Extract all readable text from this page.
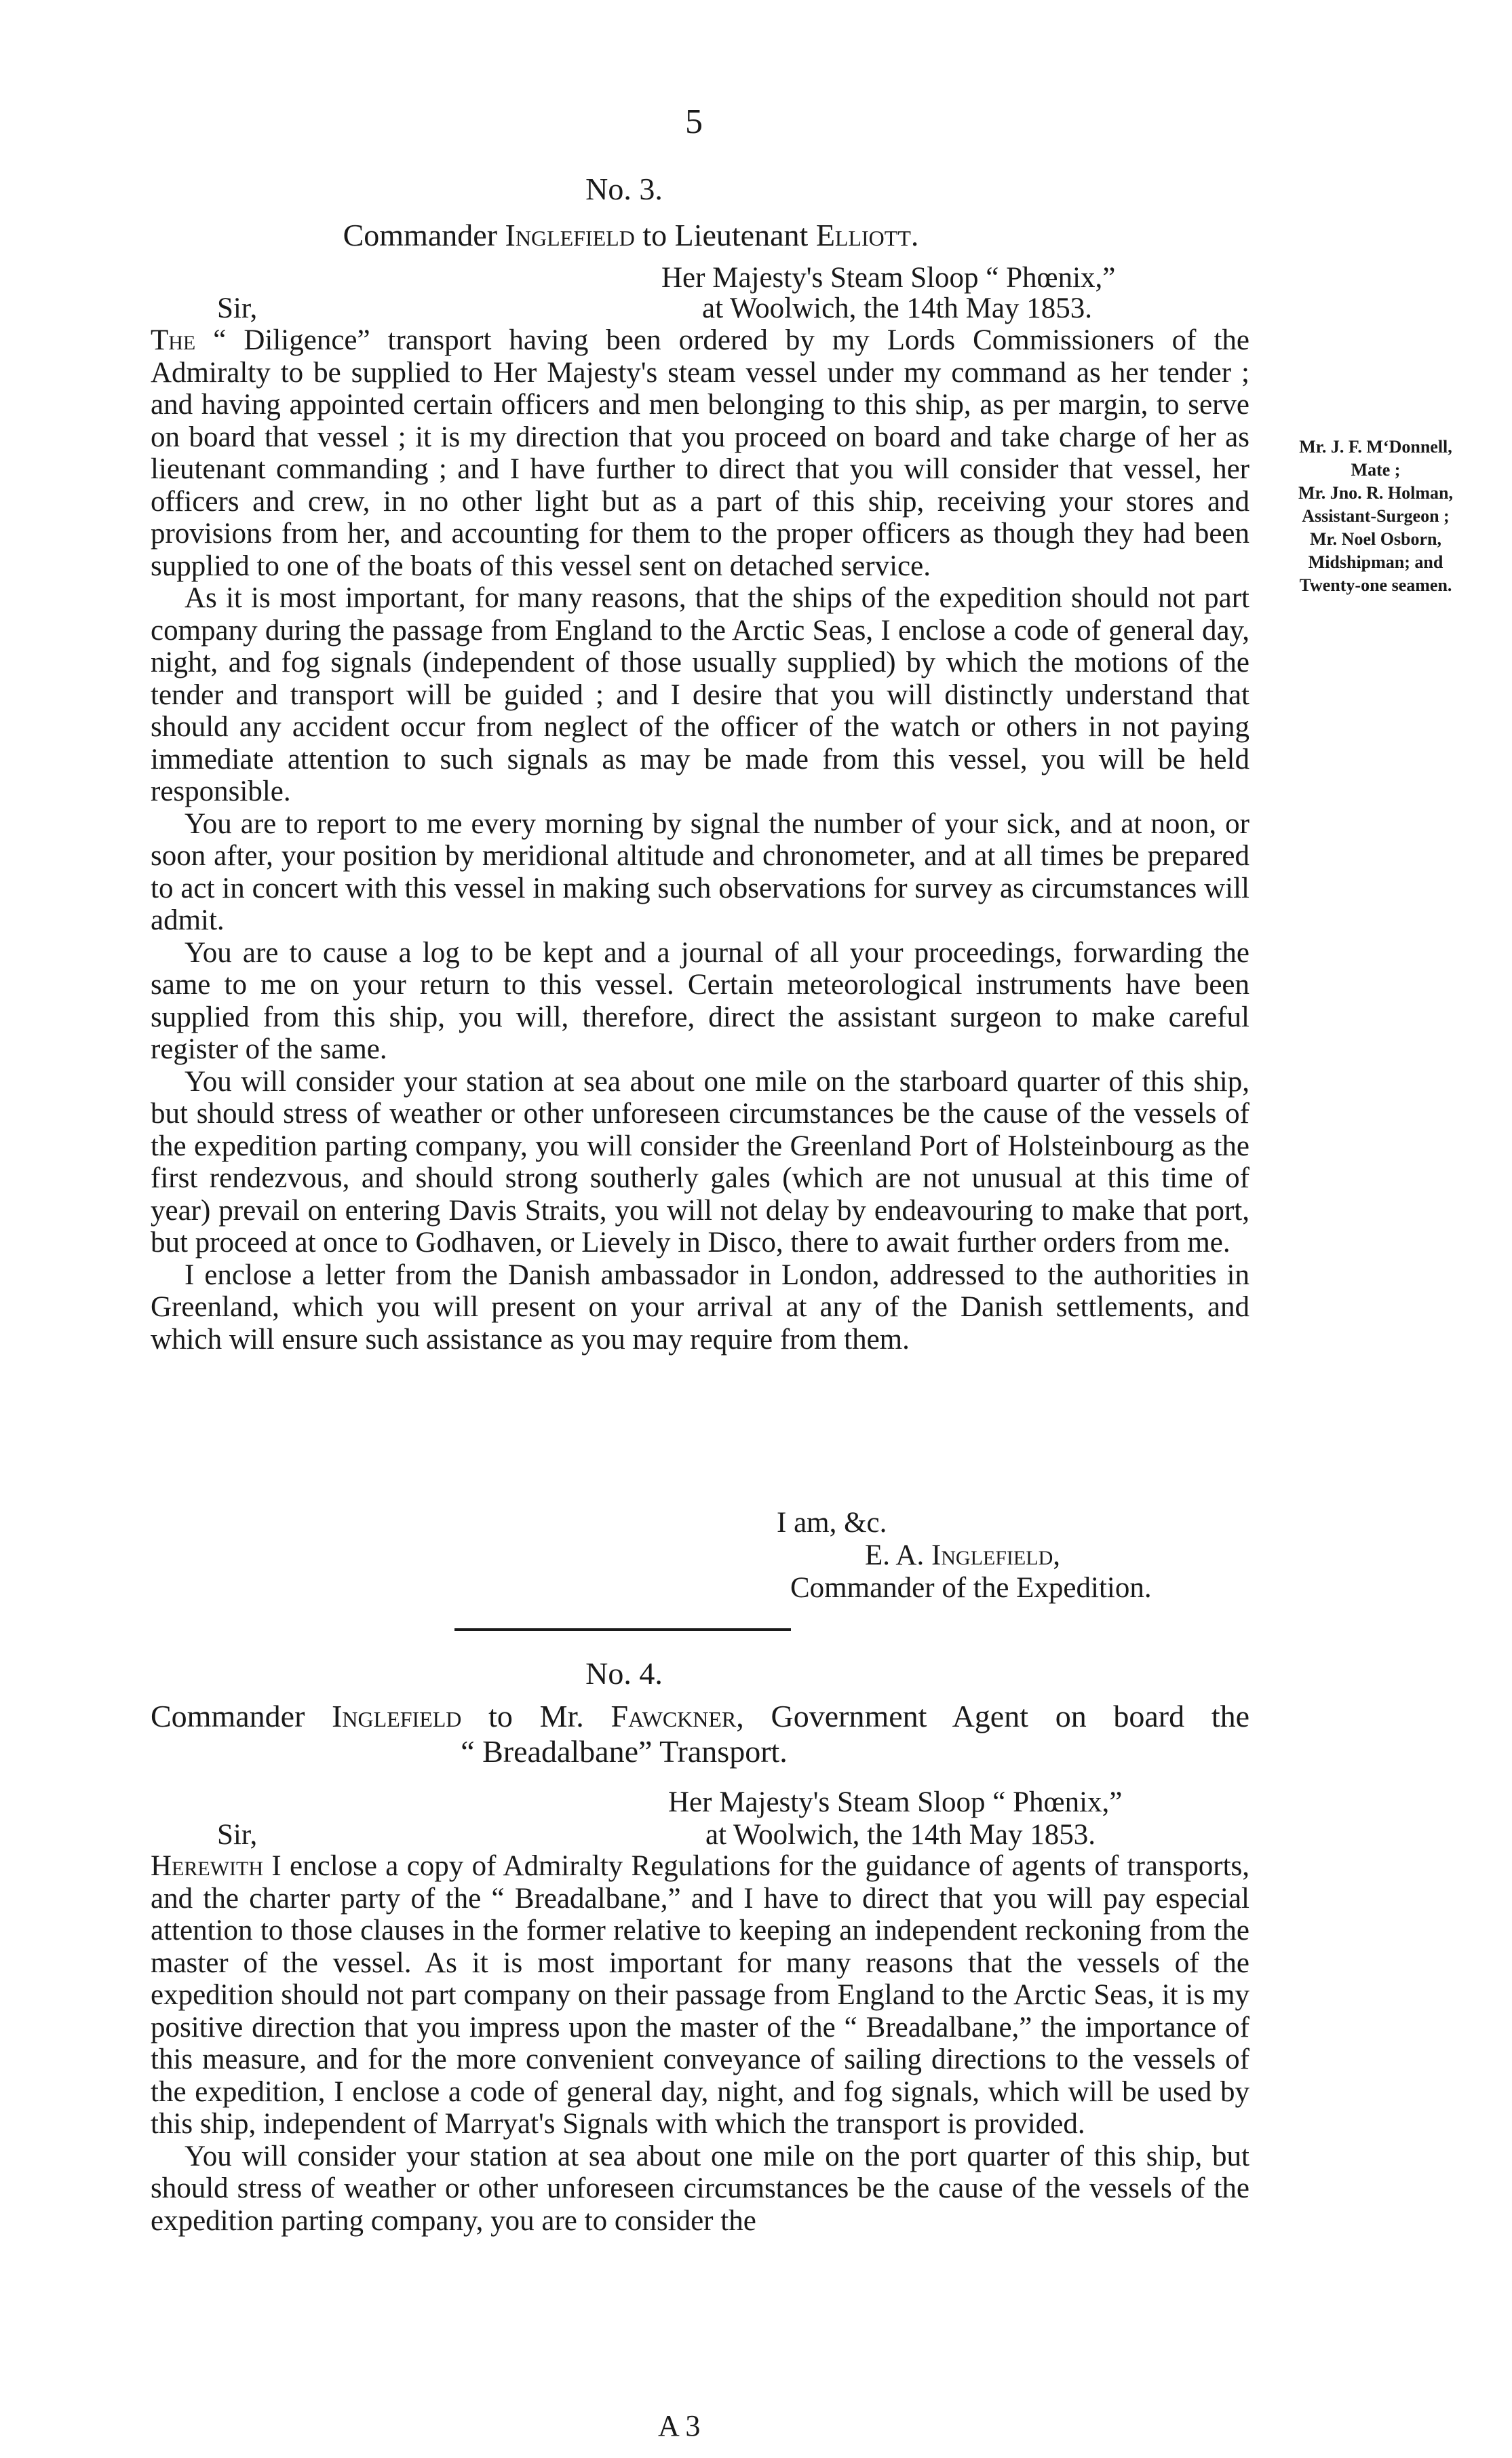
5
No. 3.
Commander Inglefield to Lieutenant Elliott.
Her Majesty's Steam Sloop “ Phœnix,”
Sir,	at Woolwich, the 14th May 1853.

The “ Diligence” transport having been ordered by my Lords Commissioners of the Admiralty to be supplied to Her Majesty's steam vessel under my command as her tender ; and having appointed certain officers and men belonging to this ship, as per margin, to serve on board that vessel ; it is my direction that you proceed on board and take charge of her as lieutenant commanding ; and I have further to direct that you will consider that vessel, her officers and crew, in no other light but as a part of this ship, receiving your stores and provisions from her, and accounting for them to the proper officers as though they had been supplied to one of the boats of this vessel sent on detached service.

As it is most important, for many reasons, that the ships of the expedition should not part company during the passage from England to the Arctic Seas, I enclose a code of general day, night, and fog signals (independent of those usually supplied) by which the motions of the tender and transport will be guided ; and I desire that you will distinctly understand that should any accident occur from neglect of the officer of the watch or others in not paying immediate attention to such signals as may be made from this vessel, you will be held responsible.

You are to report to me every morning by signal the number of your sick, and at noon, or soon after, your position by meridional altitude and chronometer, and at all times be prepared to act in concert with this vessel in making such observations for survey as circumstances will admit.

You are to cause a log to be kept and a journal of all your proceedings, forwarding the same to me on your return to this vessel. Certain meteorological instruments have been supplied from this ship, you will, therefore, direct the assistant surgeon to make careful register of the same.

You will consider your station at sea about one mile on the starboard quarter of this ship, but should stress of weather or other unforeseen circumstances be the cause of the vessels of the expedition parting company, you will consider the Greenland Port of Holsteinbourg as the first rendezvous, and should strong southerly gales (which are not unusual at this time of year) prevail on entering Davis Straits, you will not delay by endeavouring to make that port, but proceed at once to Godhaven, or Lievely in Disco, there to await further orders from me.

I enclose a letter from the Danish ambassador in London, addressed to the authorities in Greenland, which you will present on your arrival at any of the Danish settlements, and which will ensure such assistance as you may require from them.

I am, &c.
E. A. Inglefield,
Commander of the Expedition.
Mr. J. F. M‘Donnell,
Mate ;
Mr. Jno. R. Holman,
Assistant-Surgeon ;
Mr. Noel Osborn,
Midshipman; and
Twenty-one seamen.
No. 4.
Commander Inglefield to Mr. Fawckner, Government Agent on board the
“ Breadalbane” Transport.
Her Majesty's Steam Sloop “ Phœnix,”
Sir,	at Woolwich, the 14th May 1853.

Herewith I enclose a copy of Admiralty Regulations for the guidance of agents of transports, and the charter party of the “ Breadalbane,” and I have to direct that you will pay especial attention to those clauses in the former relative to keeping an independent reckoning from the master of the vessel. As it is most important for many reasons that the vessels of the expedition should not part company on their passage from England to the Arctic Seas, it is my positive direction that you impress upon the master of the “ Breadalbane,” the importance of this measure, and for the more convenient conveyance of sailing directions to the vessels of the expedition, I enclose a code of general day, night, and fog signals, which will be used by this ship, independent of Marryat's Signals with which the transport is provided.

You will consider your station at sea about one mile on the port quarter of this ship, but should stress of weather or other unforeseen circumstances be the cause of the vessels of the expedition parting company, you are to consider the

A 3
